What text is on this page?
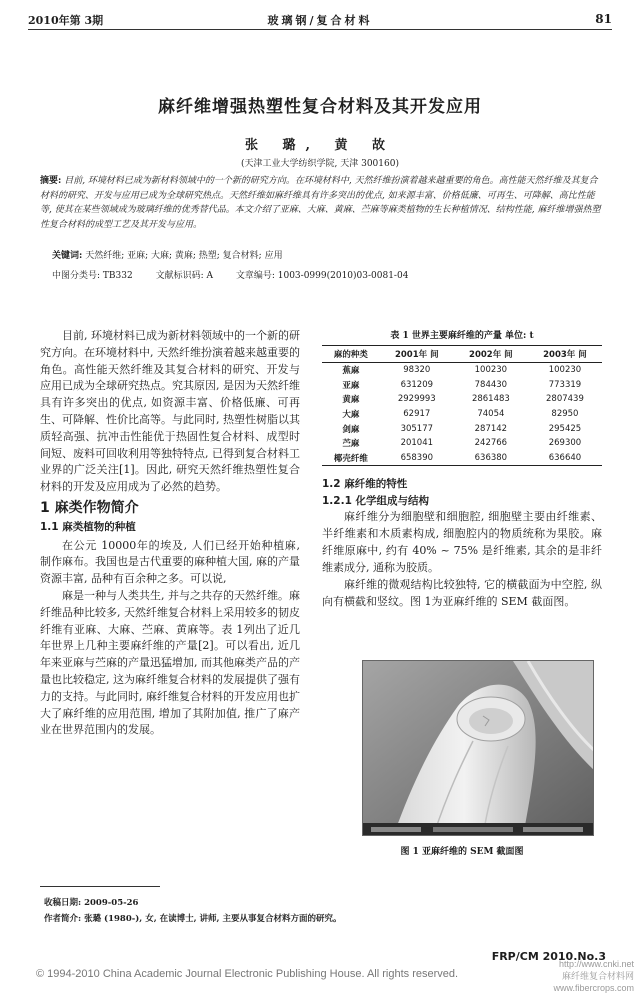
2010年第 3期	玻璃钢/复合材料	81
麻纤维增强热塑性复合材料及其开发应用
张 璐, 黄 故
(天津工业大学纺织学院, 天津 300160)
摘要: 目前, 环境材料已成为新材料领域中的一个新的研究方向。在环境材料中, 天然纤维扮演着越来越重要的角色。高性能天然纤维及其复合材料的研究、开发与应用已成为全球研究热点。天然纤维如麻纤维具有许多突出的优点, 如来源丰富、价格低廉、可再生、可降解、高比性能等, 使其在某些领域成为玻璃纤维的优秀替代品。本文介绍了亚麻、大麻、黄麻、苎麻等麻类植物的生长种植情况、结构性能, 麻纤维增强热塑性复合材料的成型工艺及其开发与应用。
关键词: 天然纤维; 亚麻; 大麻; 黄麻; 热塑; 复合材料; 应用
中图分类号: TB332	文献标识码: A	文章编号: 1003-0999(2010)03-0081-04

目前, 环境材料已成为新材料领域中的一个新的研究方向。在环境材料中, 天然纤维扮演着越来越重要的角色。高性能天然纤维及其复合材料的研究、开发与应用已成为全球研究热点。究其原因, 是因为天然纤维具有许多突出的优点, 如资源丰富、价格低廉、可再生、可降解、性价比高等。与此同时, 热塑性树脂以其质轻高强、抗冲击性能优于热固性复合材料、成型时间短、废料可回收利用等独特特点, 已得到复合材料工业界的广泛关注[1]。因此, 研究天然纤维热塑性复合材料的开发及应用成为了必然的趋势。

1 麻类作物简介

1.1 麻类植物的种植

在公元 10000年的埃及, 人们已经开始种植麻, 制作麻布。我国也是古代重要的麻种植大国, 麻的产量资源丰富, 品种有百余种之多。可以说,

麻是一种与人类共生, 并与之共存的天然纤维。麻纤维品种比较多, 天然纤维复合材料上采用较多的韧皮纤维有亚麻、大麻、苎麻、黄麻等。表 1列出了近几年世界上几种主要麻纤维的产量[2]。可以看出, 近几年来亚麻与苎麻的产量迅猛增加, 而其他麻类产品的产量也比较稳定, 这为麻纤维复合材料的发展提供了强有力的支持。与此同时, 麻纤维复合材料的开发应用也扩大了麻纤维的应用范围, 增加了其附加值, 推广了麻产业在世界范围内的发展。

表 1 世界主要麻纤维的产量 单位: t
麻的种类	2001年 间	2002年 间	2003年 间
蕉麻	98320	100230	100230
亚麻	631209	784430	773319
黄麻	2929993	2861483	2807439
大麻	62917	74054	82950
剑麻	305177	287142	295425
苎麻	201041	242766	269300
椰壳纤维	658390	636380	636640
1.2 麻纤维的特性
1.2.1 化学组成与结构

麻纤维分为细胞壁和细胞腔, 细胞壁主要由纤维素、半纤维素和木质素构成, 细胞腔内的物质统称为果胶。麻纤维原麻中, 约有 40% ~ 75% 是纤维素, 其余的是非纤维素成分, 通称为胶质。

麻纤维的微观结构比较独特, 它的横截面为中空腔, 纵向有横截和竖纹。图 1为亚麻纤维的 SEM 截面图。

图 1 亚麻纤维的 SEM 截面图
收稿日期: 2009-05-26
作者简介: 张璐 (1980-), 女, 在读博士, 讲师, 主要从事复合材料方面的研究。
FRP/CM 2010.No.3
© 1994-2010 China Academic Journal Electronic Publishing House. All rights reserved.
http://www.cnki.net
麻纤维复合材料网
www.fibercrops.com
